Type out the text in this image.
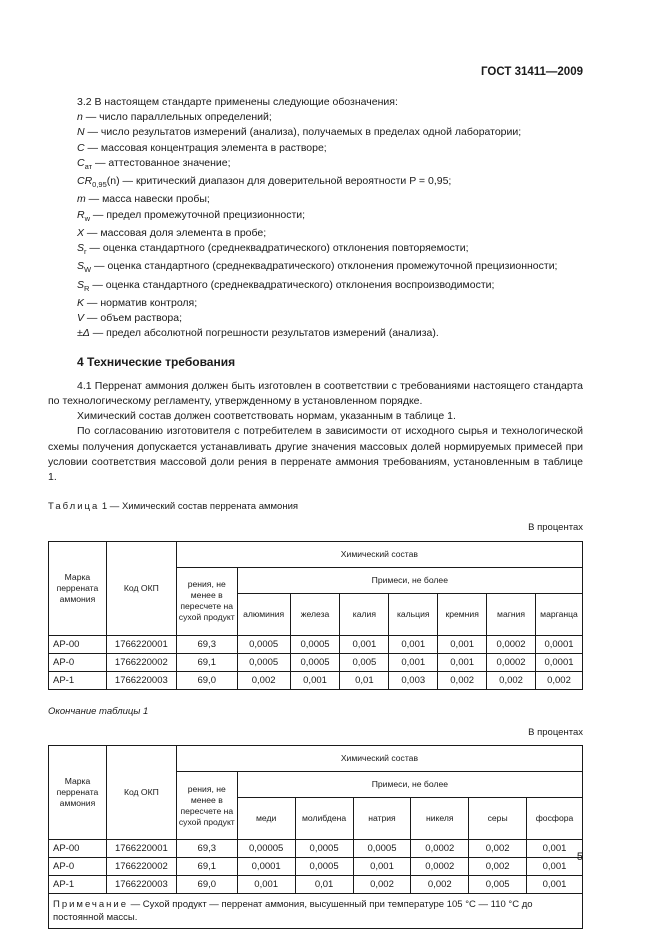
ГОСТ 31411—2009

3.2 В настоящем стандарте применены следующие обозначения:

n — число параллельных определений;

N — число результатов измерений (анализа), получаемых в пределах одной лаборатории;

C — массовая концентрация элемента в растворе;

$C_{ат}$ — аттестованное значение;

$CR_{0,95}(n)$ — критический диапазон для доверительной вероятности P = 0,95;

m — масса навески пробы;

$R_w$ — предел промежуточной прецизионности;

X — массовая доля элемента в пробе;

$S_r$ — оценка стандартного (среднеквадратического) отклонения повторяемости;

$S_W$ — оценка стандартного (среднеквадратического) отклонения промежуточной прецизионности;

$S_R$ — оценка стандартного (среднеквадратического) отклонения воспроизводимости;

K — норматив контроля;

V — объем раствора;

±Δ — предел абсолютной погрешности результатов измерений (анализа).

4 Технические требования

4.1 Перренат аммония должен быть изготовлен в соответствии с требованиями настоящего стандарта по технологическому регламенту, утвержденному в установленном порядке.

Химический состав должен соответствовать нормам, указанным в таблице 1.

По согласованию изготовителя с потребителем в зависимости от исходного сырья и технологической схемы получения допускается устанавливать другие значения массовых долей нормируемых примесей при условии соответствия массовой доли рения в перренате аммония требованиям, установленным в таблице 1.

Таблица 1 — Химический состав перрената аммония

В процентах

Марка перрената аммония	Код ОКП	Химический состав							
		рения, не менее в пересчете на сухой продукт	Примеси, не более						
			алюминия	железа	калия	кальция	кремния	магния	марганца
АР-00	1766220001	69,3	0,0005	0,0005	0,001	0,001	0,001	0,0002	0,0001
АР-0	1766220002	69,1	0,0005	0,0005	0,005	0,001	0,001	0,0002	0,0001
АР-1	1766220003	69,0	0,002	0,001	0,01	0,003	0,002	0,002	0,002

Окончание таблицы 1

В процентах

Марка перрената аммония	Код ОКП	Химический состав						
		рения, не менее в пересчете на сухой продукт	Примеси, не более					
			меди	молибдена	натрия	никеля	серы	фосфора
АР-00	1766220001	69,3	0,00005	0,0005	0,0005	0,0002	0,002	0,001
АР-0	1766220002	69,1	0,0001	0,0005	0,001	0,0002	0,002	0,001
АР-1	1766220003	69,0	0,001	0,01	0,002	0,002	0,005	0,001
Примечание — Сухой продукт — перренат аммония, высушенный при температуре 105 °С — 110 °С до постоянной массы.								
5
